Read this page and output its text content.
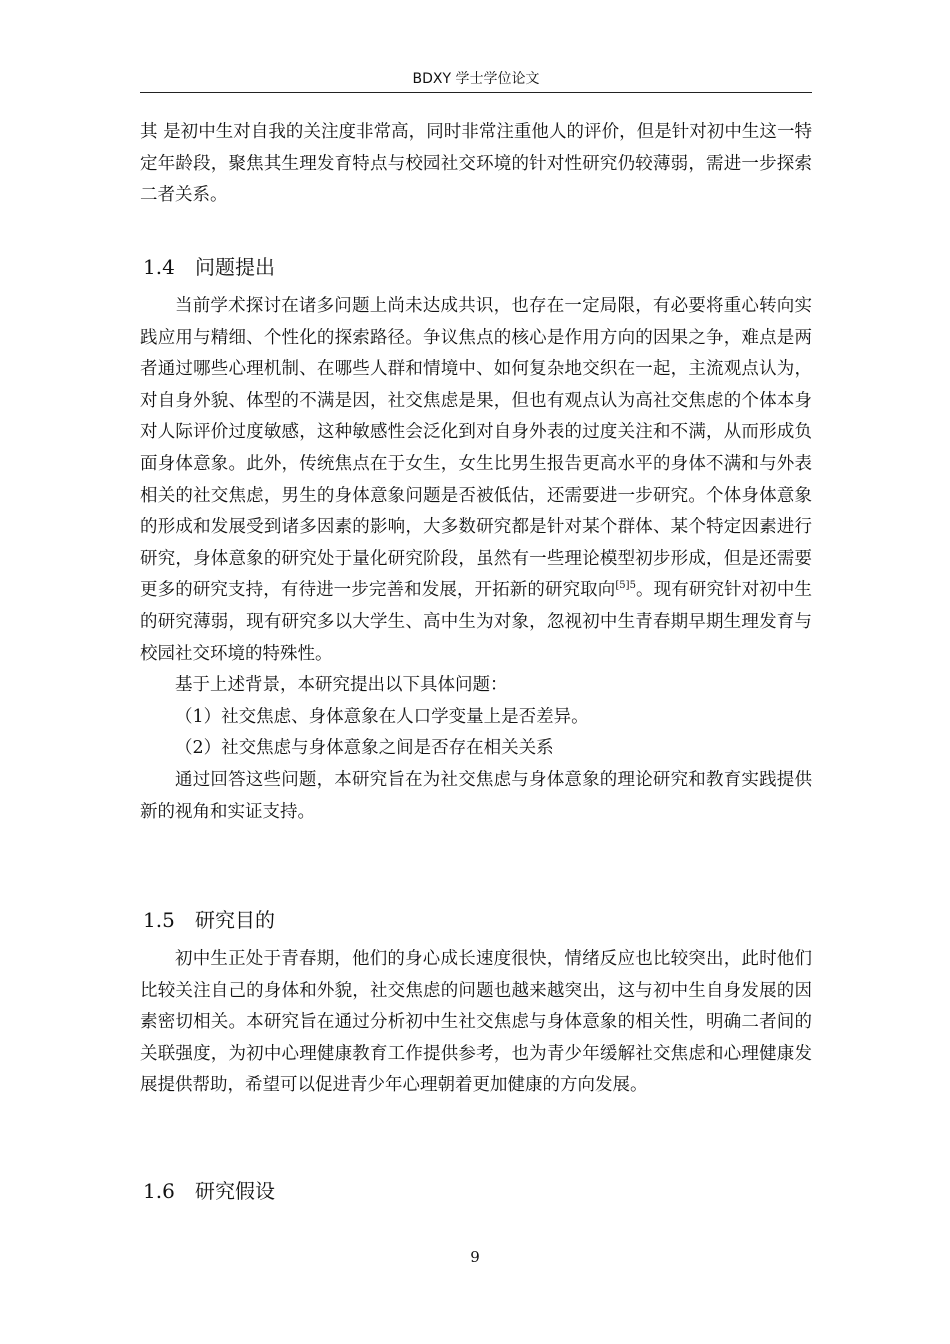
BDXY 学士学位论文

其 是初中生对自我的关注度非常高，同时非常注重他人的评价，但是针对初中生这一特定年龄段，聚焦其生理发育特点与校园社交环境的针对性研究仍较薄弱，需进一步探索二者关系。

1.4 问题提出

当前学术探讨在诸多问题上尚未达成共识，也存在一定局限，有必要将重心转向实践应用与精细、个性化的探索路径。争议焦点的核心是作用方向的因果之争，难点是两者通过哪些心理机制、在哪些人群和情境中、如何复杂地交织在一起，主流观点认为，对自身外貌、体型的不满是因，社交焦虑是果，但也有观点认为高社交焦虑的个体本身对人际评价过度敏感，这种敏感性会泛化到对自身外表的过度关注和不满，从而形成负面身体意象。此外，传统焦点在于女生，女生比男生报告更高水平的身体不满和与外表相关的社交焦虑，男生的身体意象问题是否被低估，还需要进一步研究。个体身体意象的形成和发展受到诸多因素的影响，大多数研究都是针对某个群体、某个特定因素进行研究，身体意象的研究处于量化研究阶段，虽然有一些理论模型初步形成，但是还需要更多的研究支持，有待进一步完善和发展，开拓新的研究取向$^{[5]5}$。现有研究针对初中生的研究薄弱，现有研究多以大学生、高中生为对象，忽视初中生青春期早期生理发育与校园社交环境的特殊性。

基于上述背景，本研究提出以下具体问题：

（1）社交焦虑、身体意象在人口学变量上是否差异。

（2）社交焦虑与身体意象之间是否存在相关关系

通过回答这些问题，本研究旨在为社交焦虑与身体意象的理论研究和教育实践提供新的视角和实证支持。

1.5 研究目的

初中生正处于青春期，他们的身心成长速度很快，情绪反应也比较突出，此时他们比较关注自己的身体和外貌，社交焦虑的问题也越来越突出，这与初中生自身发展的因素密切相关。本研究旨在通过分析初中生社交焦虑与身体意象的相关性，明确二者间的关联强度，为初中心理健康教育工作提供参考，也为青少年缓解社交焦虑和心理健康发展提供帮助，希望可以促进青少年心理朝着更加健康的方向发展。

1.6 研究假设
9
